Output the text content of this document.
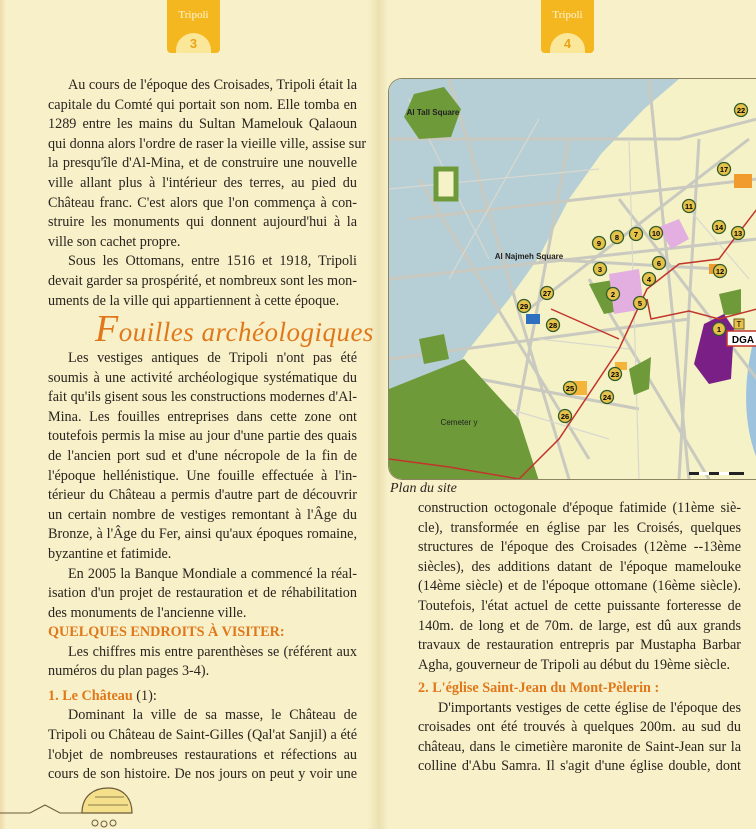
Tripoli
3
Au cours de l'époque des Croisades, Tripoli était la
capitale du Comté qui portait son nom. Elle tomba en
1289 entre les mains du Sultan Mamelouk Qalaoun
qui donna alors l'ordre de raser la vieille ville, assise sur
la presqu'île d'Al-Mina, et de construire une nouvelle
ville allant plus à l'intérieur des terres, au pied du
Château franc. C'est alors que l'on commença à con-
struire les monuments qui donnent aujourd'hui à la
ville son cachet propre.
Sous les Ottomans, entre 1516 et 1918, Tripoli
devait garder sa prospérité, et nombreux sont les mon-
uments de la ville qui appartiennent à cette époque.
Fouilles archéologiques
Les vestiges antiques de Tripoli n'ont pas été
soumis à une activité archéologique systématique du
fait qu'ils gisent sous les constructions modernes d'Al-
Mina. Les fouilles entreprises dans cette zone ont
toutefois permis la mise au jour d'une partie des quais
de l'ancien port sud et d'une nécropole de la fin de
l'époque hellénistique. Une fouille effectuée à l'in-
térieur du Château a permis d'autre part de découvrir
un certain nombre de vestiges remontant à l'Âge du
Bronze, à l'Âge du Fer, ainsi qu'aux époques romaine,
byzantine et fatimide.
En 2005 la Banque Mondiale a commencé la réal-
isation d'un projet de restauration et de réhabilitation
des monuments de l'ancienne ville.
QUELQUES ENDROITS À VISITER:
Les chiffres mis entre parenthèses se (référent aux
numéros du plan pages 3-4).
1. Le Château (1):
Dominant la ville de sa masse, le Château de
Tripoli ou Château de Saint-Gilles (Qal'at Sanjil) a été
l'objet de nombreuses restaurations et réfections au
cours de son histoire. De nos jours on peut y voir une
Tripoli
4
1
2
3
4
5
6
7
8
9
10
11
12
13
14
17
22
23
24
25
26
27
28
29
Al Tall Square
Al Najmeh Square
Cemeter y
T
DGA
Plan du site
construction octogonale d'époque fatimide (11ème siè-
cle), transformée en église par les Croisés, quelques
structures de l'époque des Croisades (12ème --13ème
siècles), des additions datant de l'époque mamelouke
(14ème siècle) et de l'époque ottomane (16ème siècle).
Toutefois, l'état actuel de cette puissante forteresse de
140m. de long et de 70m. de large, est dû aux grands
travaux de restauration entrepris par Mustapha Barbar
Agha, gouverneur de Tripoli au début du 19ème siècle.
2. L'église Saint-Jean du Mont-Pèlerin :
D'importants vestiges de cette église de l'époque des
croisades ont été trouvés à quelques 200m. au sud du
château, dans le cimetière maronite de Saint-Jean sur la
colline d'Abu Samra. Il s'agit d'une église double, dont
